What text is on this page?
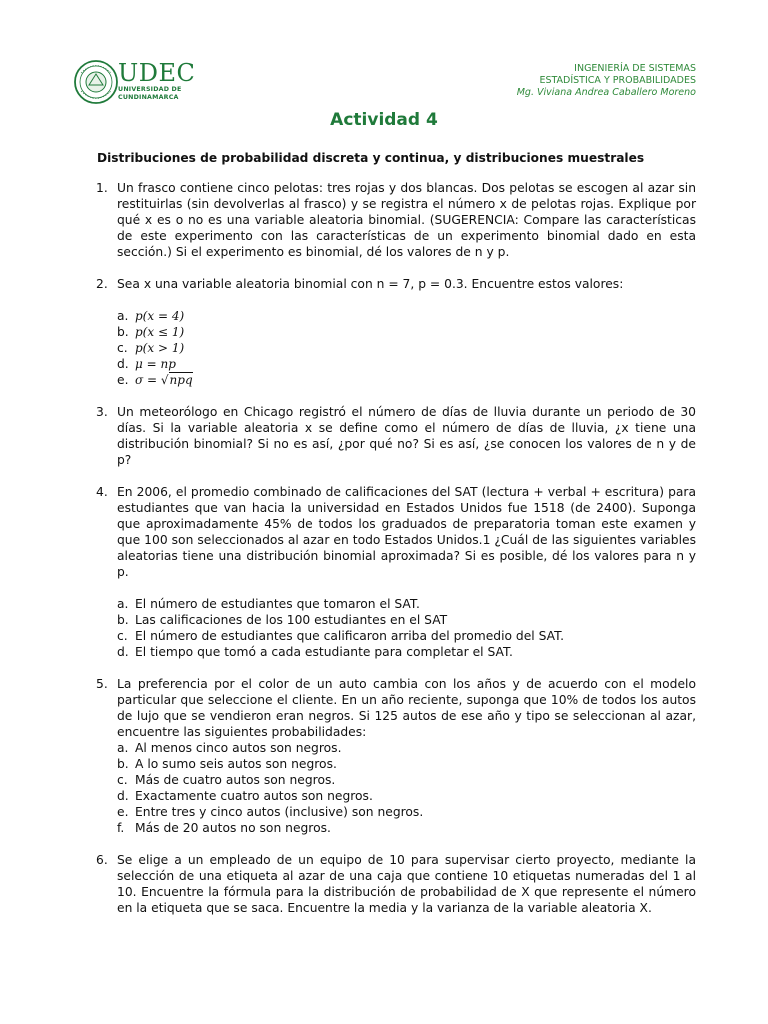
UDEC
UNIVERSIDAD DE
CUNDINAMARCA
INGENIERÍA DE SISTEMAS
ESTADÍSTICA Y PROBABILIDADES
Mg. Viviana Andrea Caballero Moreno
Actividad 4
Distribuciones de probabilidad discreta y continua, y distribuciones muestrales
1. Un frasco contiene cinco pelotas: tres rojas y dos blancas. Dos pelotas se escogen al azar sin restituirlas (sin devolverlas al frasco) y se registra el número x de pelotas rojas. Explique por qué x es o no es una variable aleatoria binomial. (SUGERENCIA: Compare las características de este experimento con las características de un experimento binomial dado en esta sección.) Si el experimento es binomial, dé los valores de n y p.
2. Sea x una variable aleatoria binomial con n = 7, p = 0.3. Encuentre estos valores:
a. p(x = 4)
b. p(x ≤ 1)
c. p(x > 1)
d. μ = np
e. σ = √npq
3. Un meteorólogo en Chicago registró el número de días de lluvia durante un periodo de 30 días. Si la variable aleatoria x se define como el número de días de lluvia, ¿x tiene una distribución binomial? Si no es así, ¿por qué no? Si es así, ¿se conocen los valores de n y de p?
4. En 2006, el promedio combinado de calificaciones del SAT (lectura + verbal + escritura) para estudiantes que van hacia la universidad en Estados Unidos fue 1518 (de 2400). Suponga que aproximadamente 45% de todos los graduados de preparatoria toman este examen y que 100 son seleccionados al azar en todo Estados Unidos.1 ¿Cuál de las siguientes variables aleatorias tiene una distribución binomial aproximada? Si es posible, dé los valores para n y p.
a. El número de estudiantes que tomaron el SAT.
b. Las calificaciones de los 100 estudiantes en el SAT
c. El número de estudiantes que calificaron arriba del promedio del SAT.
d. El tiempo que tomó a cada estudiante para completar el SAT.
5. La preferencia por el color de un auto cambia con los años y de acuerdo con el modelo particular que seleccione el cliente. En un año reciente, suponga que 10% de todos los autos de lujo que se vendieron eran negros. Si 125 autos de ese año y tipo se seleccionan al azar, encuentre las siguientes probabilidades:
a. Al menos cinco autos son negros.
b. A lo sumo seis autos son negros.
c. Más de cuatro autos son negros.
d. Exactamente cuatro autos son negros.
e. Entre tres y cinco autos (inclusive) son negros.
f. Más de 20 autos no son negros.
6. Se elige a un empleado de un equipo de 10 para supervisar cierto proyecto, mediante la selección de una etiqueta al azar de una caja que contiene 10 etiquetas numeradas del 1 al 10. Encuentre la fórmula para la distribución de probabilidad de X que represente el número en la etiqueta que se saca. Encuentre la media y la varianza de la variable aleatoria X.
